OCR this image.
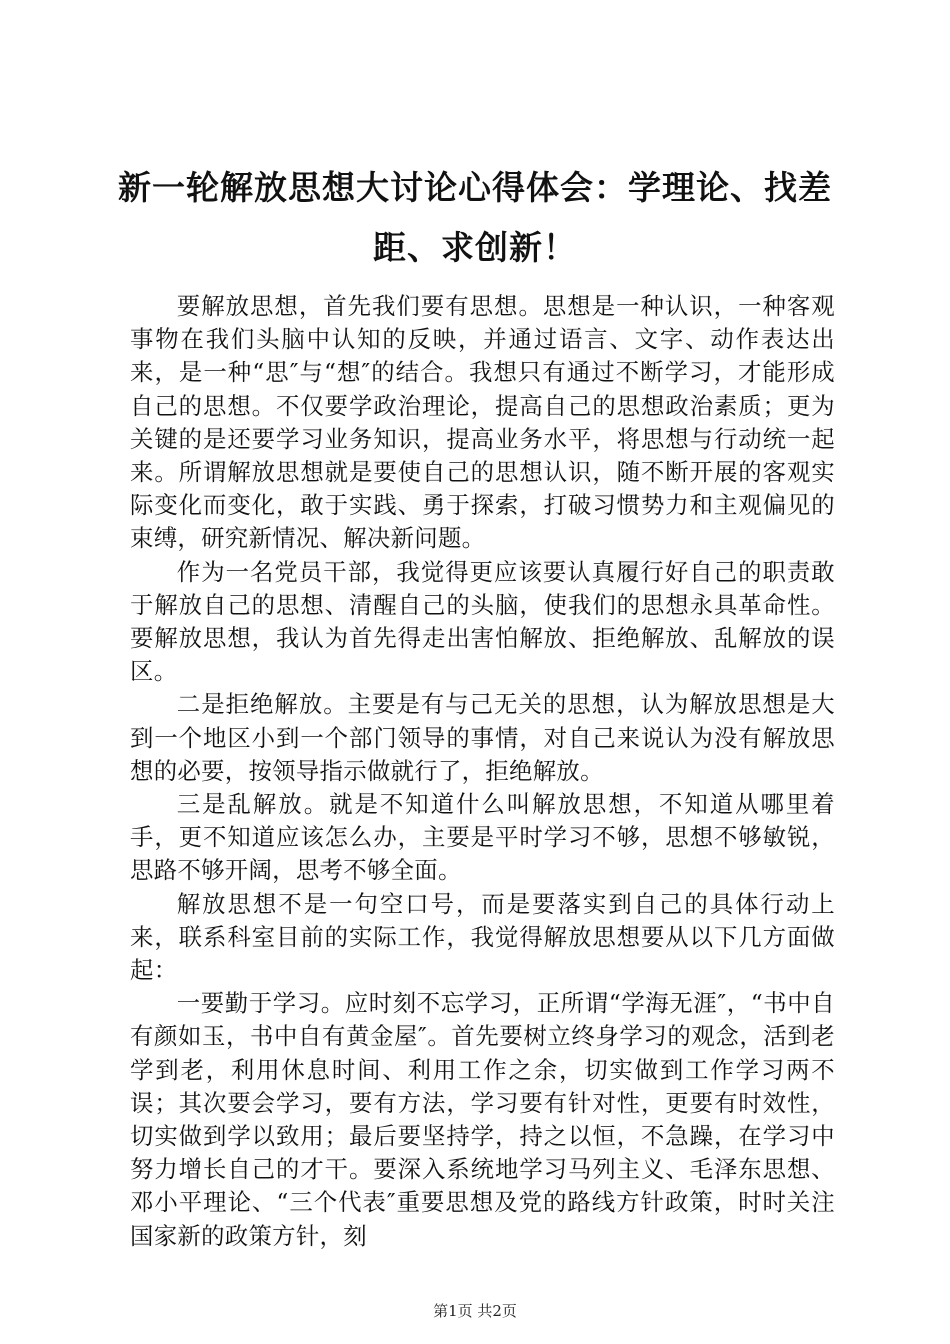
新一轮解放思想大讨论心得体会：学理论、找差距、求创新！

要解放思想，首先我们要有思想。思想是一种认识，一种客观事物在我们头脑中认知的反映，并通过语言、文字、动作表达出来，是一种“思″与“想″的结合。我想只有通过不断学习，才能形成自己的思想。不仅要学政治理论，提高自己的思想政治素质；更为关键的是还要学习业务知识，提高业务水平，将思想与行动统一起来。所谓解放思想就是要使自己的思想认识，随不断开展的客观实际变化而变化，敢于实践、勇于探索，打破习惯势力和主观偏见的束缚，研究新情况、解决新问题。

作为一名党员干部，我觉得更应该要认真履行好自己的职责敢于解放自己的思想、清醒自己的头脑，使我们的思想永具革命性。要解放思想，我认为首先得走出害怕解放、拒绝解放、乱解放的误区。

二是拒绝解放。主要是有与己无关的思想，认为解放思想是大到一个地区小到一个部门领导的事情，对自己来说认为没有解放思想的必要，按领导指示做就行了，拒绝解放。

三是乱解放。就是不知道什么叫解放思想，不知道从哪里着手，更不知道应该怎么办，主要是平时学习不够，思想不够敏锐，思路不够开阔，思考不够全面。

解放思想不是一句空口号，而是要落实到自己的具体行动上来，联系科室目前的实际工作，我觉得解放思想要从以下几方面做起：

一要勤于学习。应时刻不忘学习，正所谓“学海无涯″，“书中自有颜如玉，书中自有黄金屋″。首先要树立终身学习的观念，活到老学到老，利用休息时间、利用工作之余，切实做到工作学习两不误；其次要会学习，要有方法，学习要有针对性，更要有时效性，切实做到学以致用；最后要坚持学，持之以恒，不急躁，在学习中努力增长自己的才干。要深入系统地学习马列主义、毛泽东思想、邓小平理论、“三个代表″重要思想及党的路线方针政策，时时关注国家新的政策方针，刻

第1页 共2页
